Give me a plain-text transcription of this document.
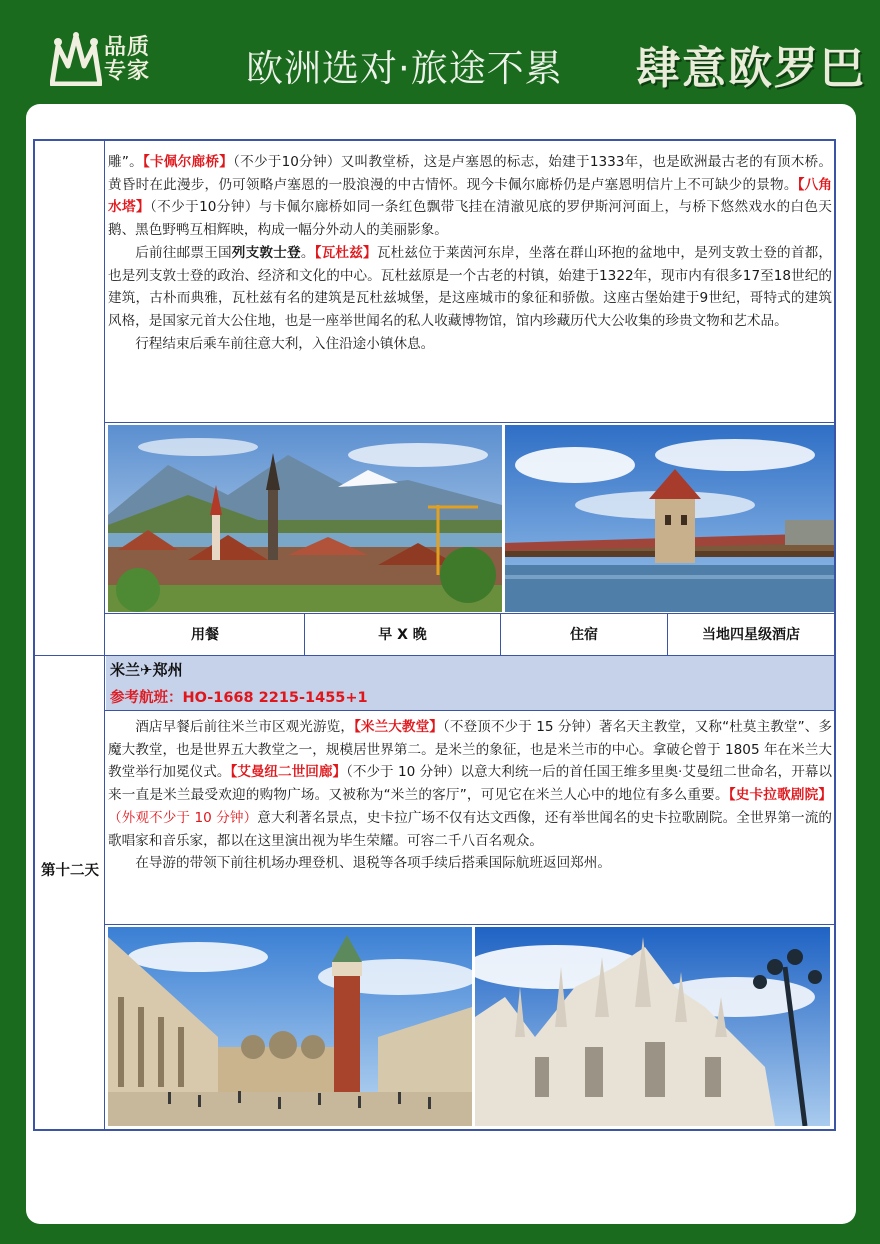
品质
专家	欧洲选对·旅途不累 肆意欧罗巴

雕”。【卡佩尔廊桥】（不少于10分钟）又叫教堂桥，这是卢塞恩的标志，始建于1333年，也是欧洲最古老的有顶木桥。黄昏时在此漫步，仍可领略卢塞恩的一股浪漫的中古情怀。现今卡佩尔廊桥仍是卢塞恩明信片上不可缺少的景物。【八角水塔】（不少于10分钟）与卡佩尔廊桥如同一条红色飘带飞挂在清澈见底的罗伊斯河河面上，与桥下悠然戏水的白色天鹅、黑色野鸭互相辉映，构成一幅分外动人的美丽影象。

后前往邮票王国列支敦士登。【瓦杜兹】瓦杜兹位于莱茵河东岸，坐落在群山环抱的盆地中，是列支敦士登的首都，也是列支敦士登的政治、经济和文化的中心。瓦杜兹原是一个古老的村镇，始建于1322年，现市内有很多17至18世纪的建筑，古朴而典雅，瓦杜兹有名的建筑是瓦杜兹城堡，是这座城市的象征和骄傲。这座古堡始建于9世纪，哥特式的建筑风格，是国家元首大公住地，也是一座举世闻名的私人收藏博物馆，馆内珍藏历代大公收集的珍贵文物和艺术品。

行程结束后乘车前往意大利，入住沿途小镇休息。

用餐	早 X 晚	住宿	当地四星级酒店
米兰✈郑州
参考航班：HO-1668 2215-1455+1
第十二天

酒店早餐后前往米兰市区观光游览，【米兰大教堂】（不登顶不少于 15 分钟）著名天主教堂，又称“杜莫主教堂”、多魔大教堂，也是世界五大教堂之一，规模居世界第二。是米兰的象征，也是米兰市的中心。拿破仑曾于 1805 年在米兰大教堂举行加冕仪式。【艾曼纽二世回廊】（不少于 10 分钟）以意大利统一后的首任国王维多里奥·艾曼纽二世命名，开幕以来一直是米兰最受欢迎的购物广场。又被称为“米兰的客厅”，可见它在米兰人心中的地位有多么重要。【史卡拉歌剧院】（外观不少于 10 分钟）意大利著名景点，史卡拉广场不仅有达文西像，还有举世闻名的史卡拉歌剧院。全世界第一流的歌唱家和音乐家，都以在这里演出视为毕生荣耀。可容二千八百名观众。

在导游的带领下前往机场办理登机、退税等各项手续后搭乘国际航班返回郑州。
